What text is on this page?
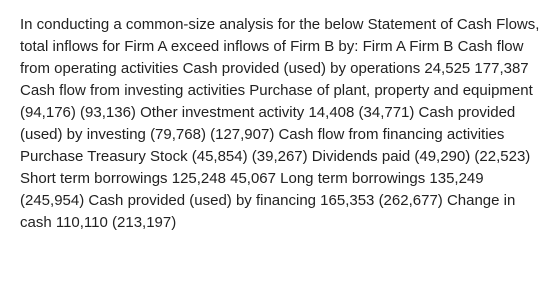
In conducting a common-size analysis for the below Statement of Cash Flows, total inflows for Firm A exceed inflows of Firm B by: Firm A Firm B Cash flow from operating activities Cash provided (used) by operations 24,525 177,387 Cash flow from investing activities Purchase of plant, property and equipment (94,176) (93,136) Other investment activity 14,408 (34,771) Cash provided (used) by investing (79,768) (127,907) Cash flow from financing activities Purchase Treasury Stock (45,854) (39,267) Dividends paid (49,290) (22,523) Short term borrowings 125,248 45,067 Long term borrowings 135,249 (245,954) Cash provided (used) by financing 165,353 (262,677) Change in cash 110,110 (213,197)
